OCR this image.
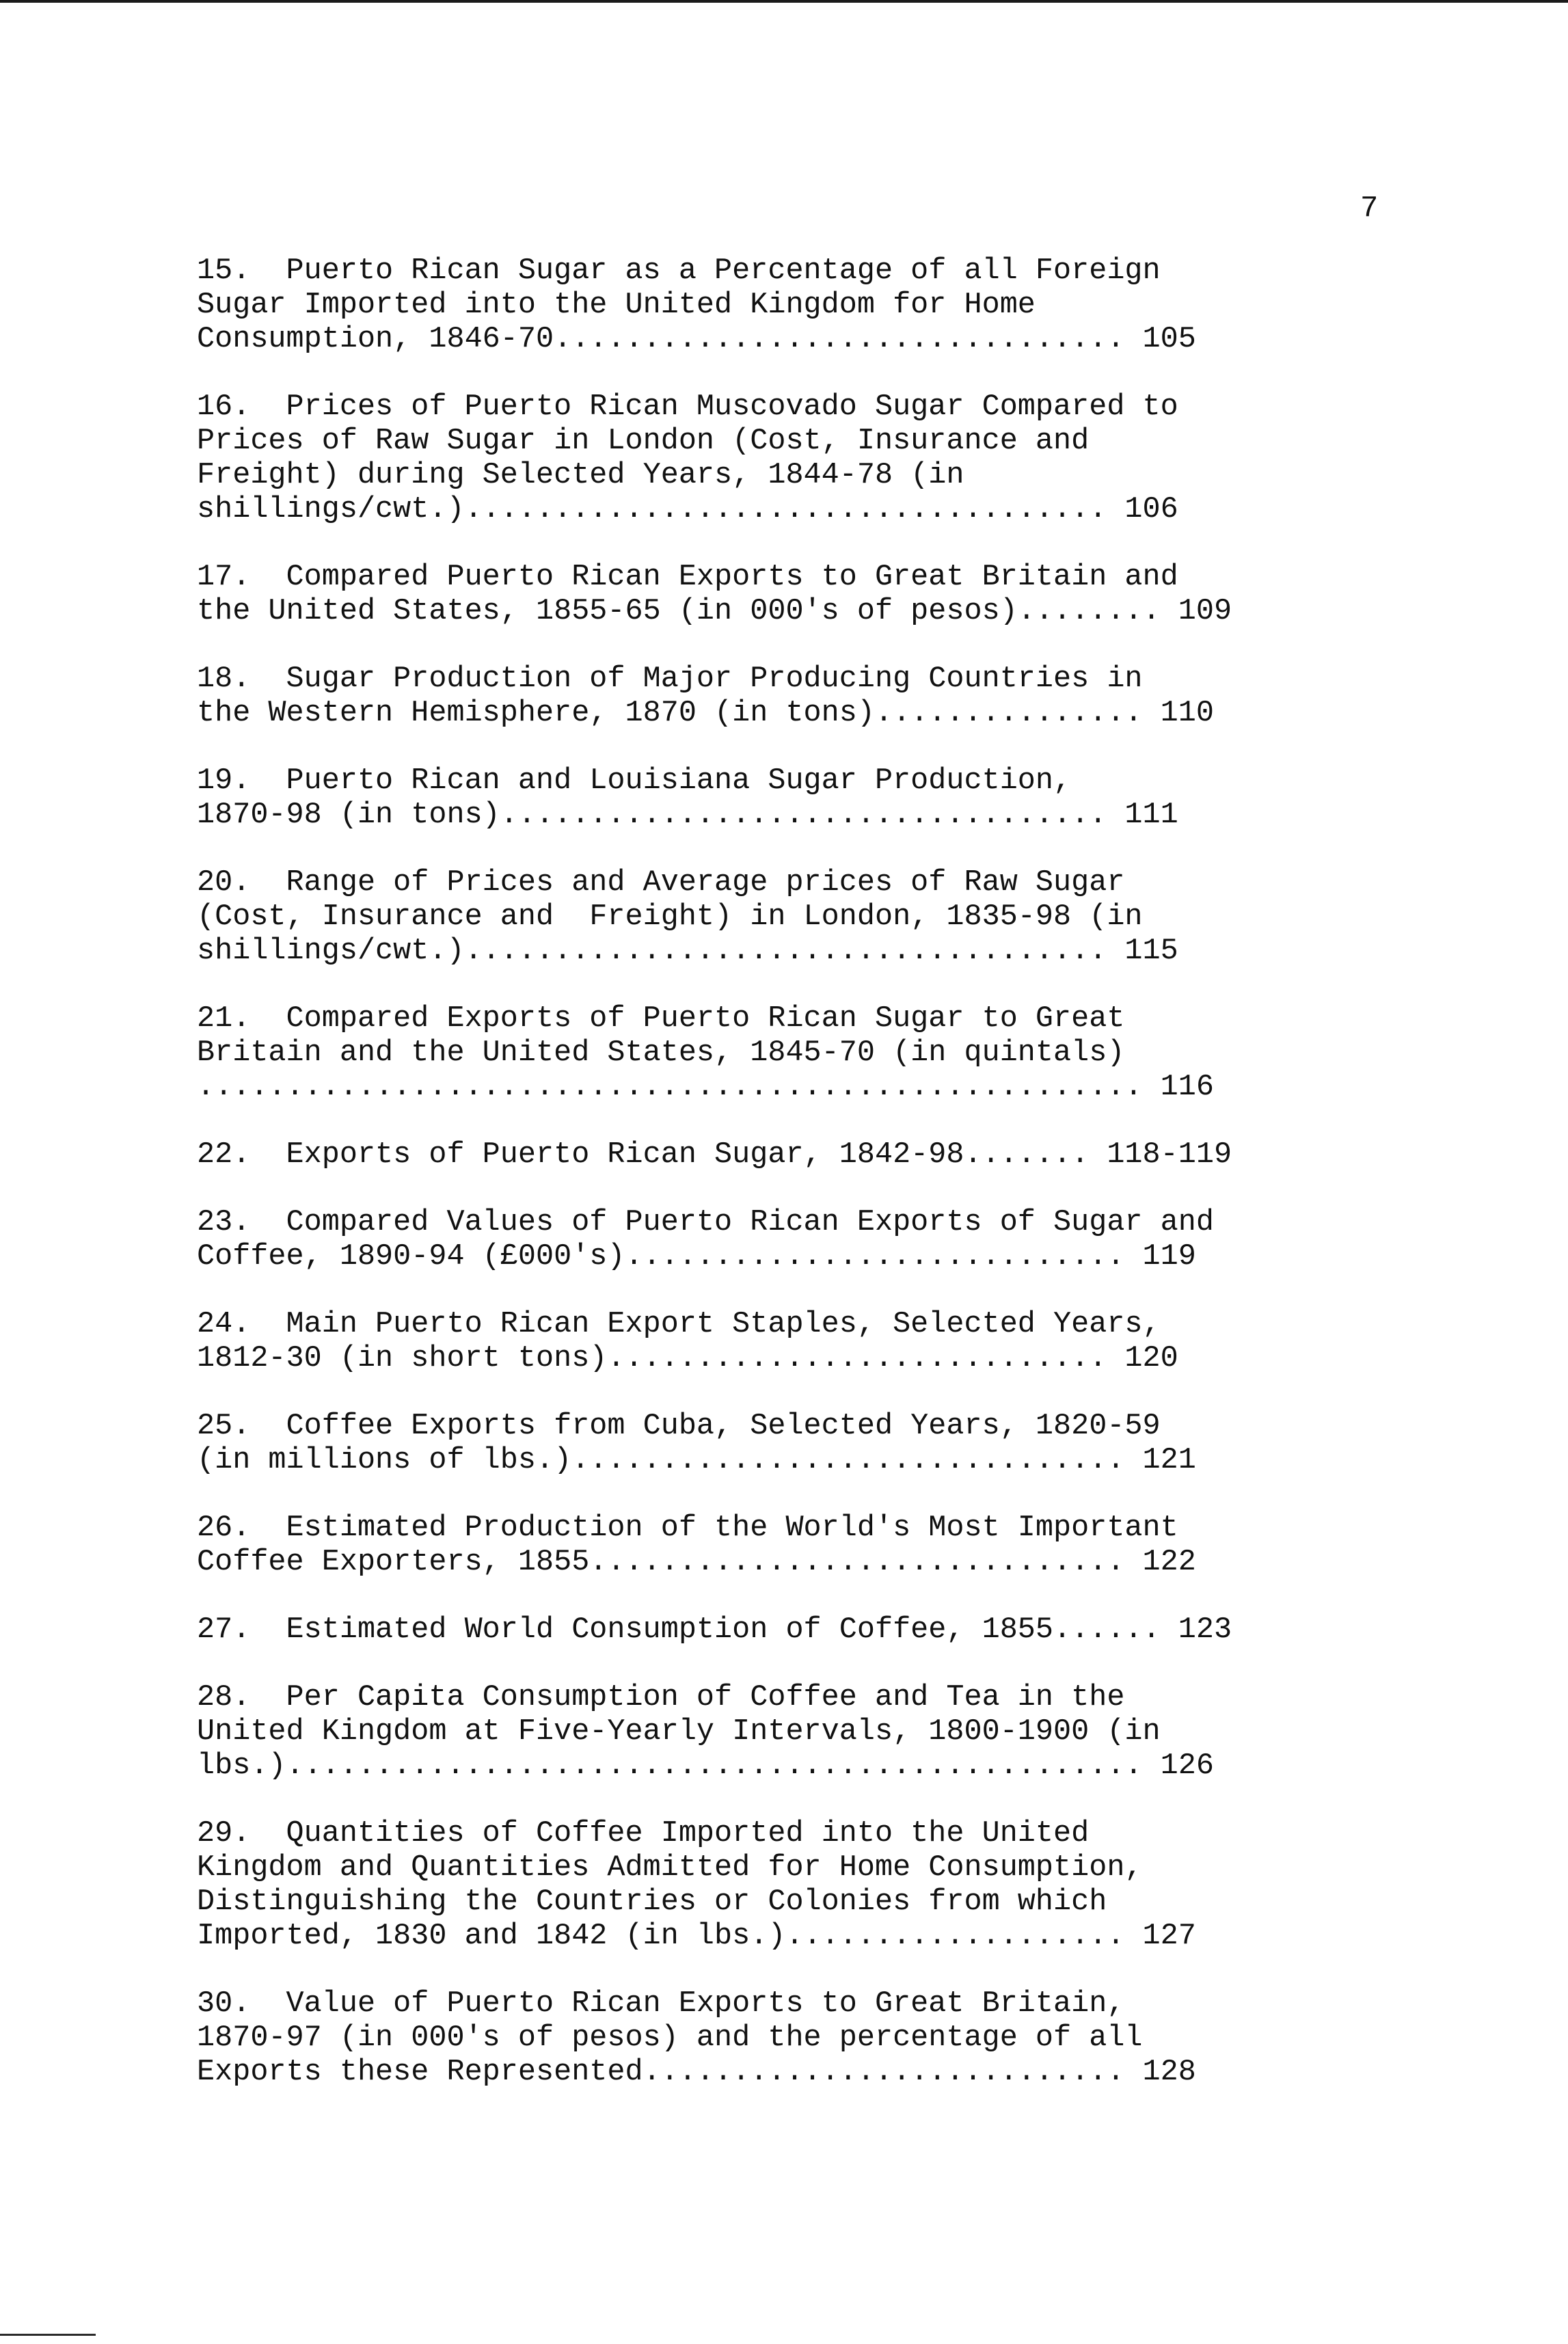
7
15.  Puerto Rican Sugar as a Percentage of all Foreign
Sugar Imported into the United Kingdom for Home
Consumption, 1846-70................................ 105
16.  Prices of Puerto Rican Muscovado Sugar Compared to
Prices of Raw Sugar in London (Cost, Insurance and
Freight) during Selected Years, 1844-78 (in
shillings/cwt.).................................... 106
17.  Compared Puerto Rican Exports to Great Britain and
the United States, 1855-65 (in 000's of pesos)........ 109
18.  Sugar Production of Major Producing Countries in
the Western Hemisphere, 1870 (in tons)............... 110
19.  Puerto Rican and Louisiana Sugar Production,
1870-98 (in tons).................................. 111
20.  Range of Prices and Average prices of Raw Sugar
(Cost, Insurance and  Freight) in London, 1835-98 (in
shillings/cwt.).................................... 115
21.  Compared Exports of Puerto Rican Sugar to Great
Britain and the United States, 1845-70 (in quintals)
..................................................... 116
22.  Exports of Puerto Rican Sugar, 1842-98....... 118-119
23.  Compared Values of Puerto Rican Exports of Sugar and
Coffee, 1890-94 (£000's)............................ 119
24.  Main Puerto Rican Export Staples, Selected Years,
1812-30 (in short tons)............................ 120
25.  Coffee Exports from Cuba, Selected Years, 1820-59
(in millions of lbs.)............................... 121
26.  Estimated Production of the World's Most Important
Coffee Exporters, 1855.............................. 122
27.  Estimated World Consumption of Coffee, 1855...... 123
28.  Per Capita Consumption of Coffee and Tea in the
United Kingdom at Five-Yearly Intervals, 1800-1900 (in
lbs.)................................................ 126
29.  Quantities of Coffee Imported into the United
Kingdom and Quantities Admitted for Home Consumption,
Distinguishing the Countries or Colonies from which
Imported, 1830 and 1842 (in lbs.)................... 127
30.  Value of Puerto Rican Exports to Great Britain,
1870-97 (in 000's of pesos) and the percentage of all
Exports these Represented........................... 128
